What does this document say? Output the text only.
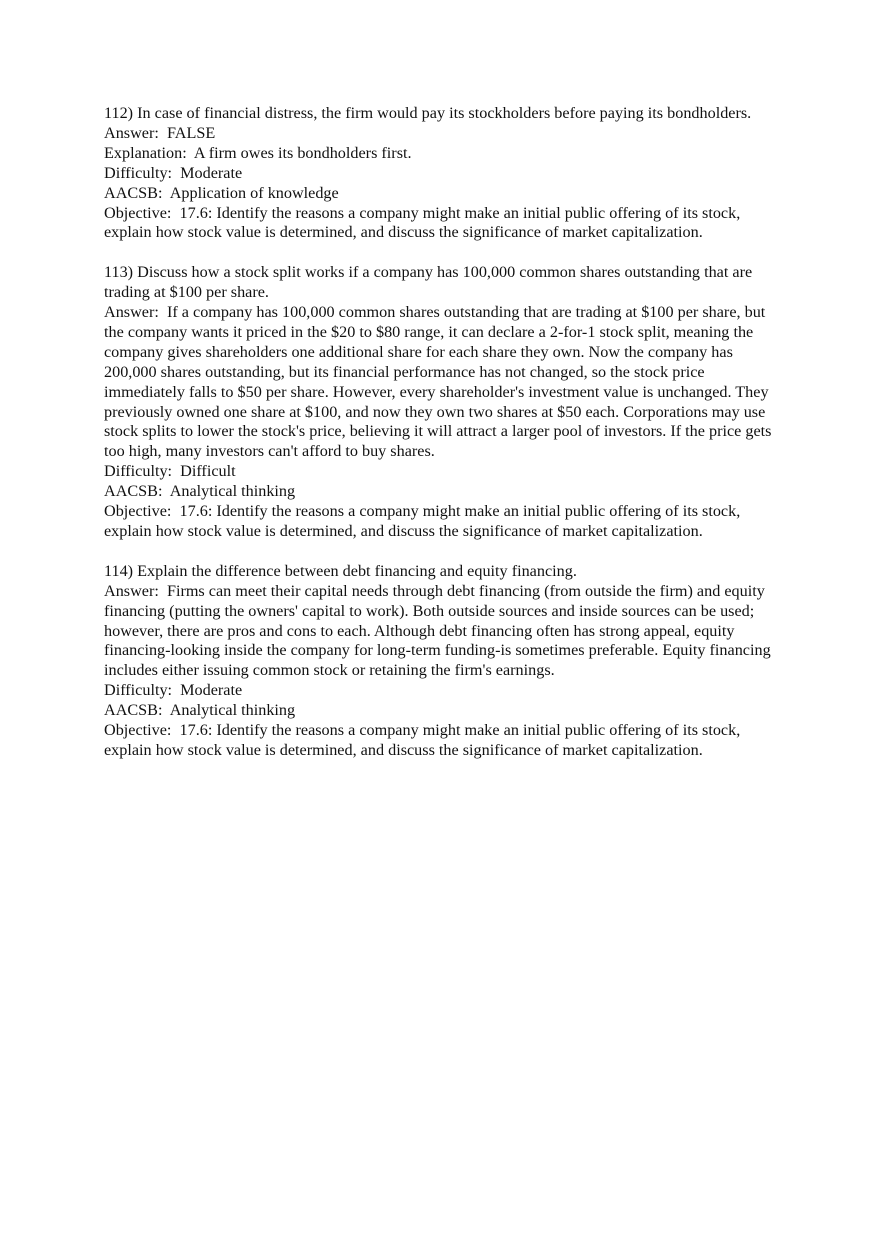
112) In case of financial distress, the firm would pay its stockholders before paying its bondholders.
Answer: FALSE
Explanation: A firm owes its bondholders first.
Difficulty: Moderate
AACSB: Application of knowledge
Objective: 17.6: Identify the reasons a company might make an initial public offering of its stock, explain how stock value is determined, and discuss the significance of market capitalization.
113) Discuss how a stock split works if a company has 100,000 common shares outstanding that are trading at $100 per share.
Answer: If a company has 100,000 common shares outstanding that are trading at $100 per share, but the company wants it priced in the $20 to $80 range, it can declare a 2-for-1 stock split, meaning the company gives shareholders one additional share for each share they own. Now the company has 200,000 shares outstanding, but its financial performance has not changed, so the stock price immediately falls to $50 per share. However, every shareholder's investment value is unchanged. They previously owned one share at $100, and now they own two shares at $50 each. Corporations may use stock splits to lower the stock's price, believing it will attract a larger pool of investors. If the price gets too high, many investors can't afford to buy shares.
Difficulty: Difficult
AACSB: Analytical thinking
Objective: 17.6: Identify the reasons a company might make an initial public offering of its stock, explain how stock value is determined, and discuss the significance of market capitalization.
114) Explain the difference between debt financing and equity financing.
Answer: Firms can meet their capital needs through debt financing (from outside the firm) and equity financing (putting the owners' capital to work). Both outside sources and inside sources can be used; however, there are pros and cons to each. Although debt financing often has strong appeal, equity financing-looking inside the company for long-term funding-is sometimes preferable. Equity financing includes either issuing common stock or retaining the firm's earnings.
Difficulty: Moderate
AACSB: Analytical thinking
Objective: 17.6: Identify the reasons a company might make an initial public offering of its stock, explain how stock value is determined, and discuss the significance of market capitalization.
